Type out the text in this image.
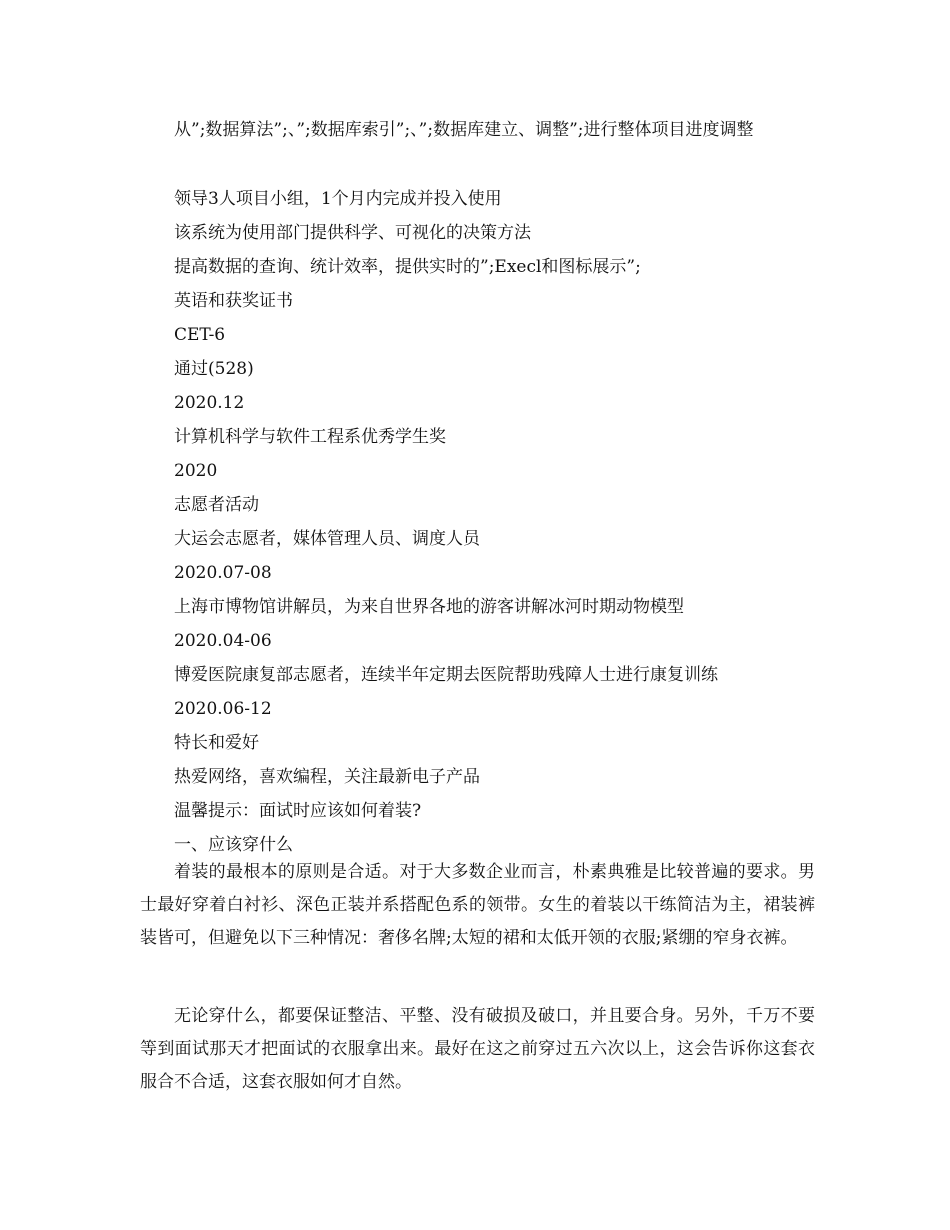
从”;数据算法”;、”;数据库索引”;、”;数据库建立、调整”;进行整体项目进度调整
领导3人项目小组，1个月内完成并投入使用
该系统为使用部门提供科学、可视化的决策方法
提高数据的查询、统计效率，提供实时的”;Execl和图标展示”;
英语和获奖证书
CET-6
通过(528)
2020.12
计算机科学与软件工程系优秀学生奖
2020
志愿者活动
大运会志愿者，媒体管理人员、调度人员
2020.07-08
上海市博物馆讲解员，为来自世界各地的游客讲解冰河时期动物模型
2020.04-06
博爱医院康复部志愿者，连续半年定期去医院帮助残障人士进行康复训练
2020.06-12
特长和爱好
热爱网络，喜欢编程，关注最新电子产品
温馨提示：面试时应该如何着装?
一、应该穿什么

着装的最根本的原则是合适。对于大多数企业而言，朴素典雅是比较普遍的要求。男士最好穿着白衬衫、深色正装并系搭配色系的领带。女生的着装以干练简洁为主，裙装裤装皆可，但避免以下三种情况：奢侈名牌;太短的裙和太低开领的衣服;紧绷的窄身衣裤。

无论穿什么，都要保证整洁、平整、没有破损及破口，并且要合身。另外，千万不要等到面试那天才把面试的衣服拿出来。最好在这之前穿过五六次以上，这会告诉你这套衣服合不合适，这套衣服如何才自然。
